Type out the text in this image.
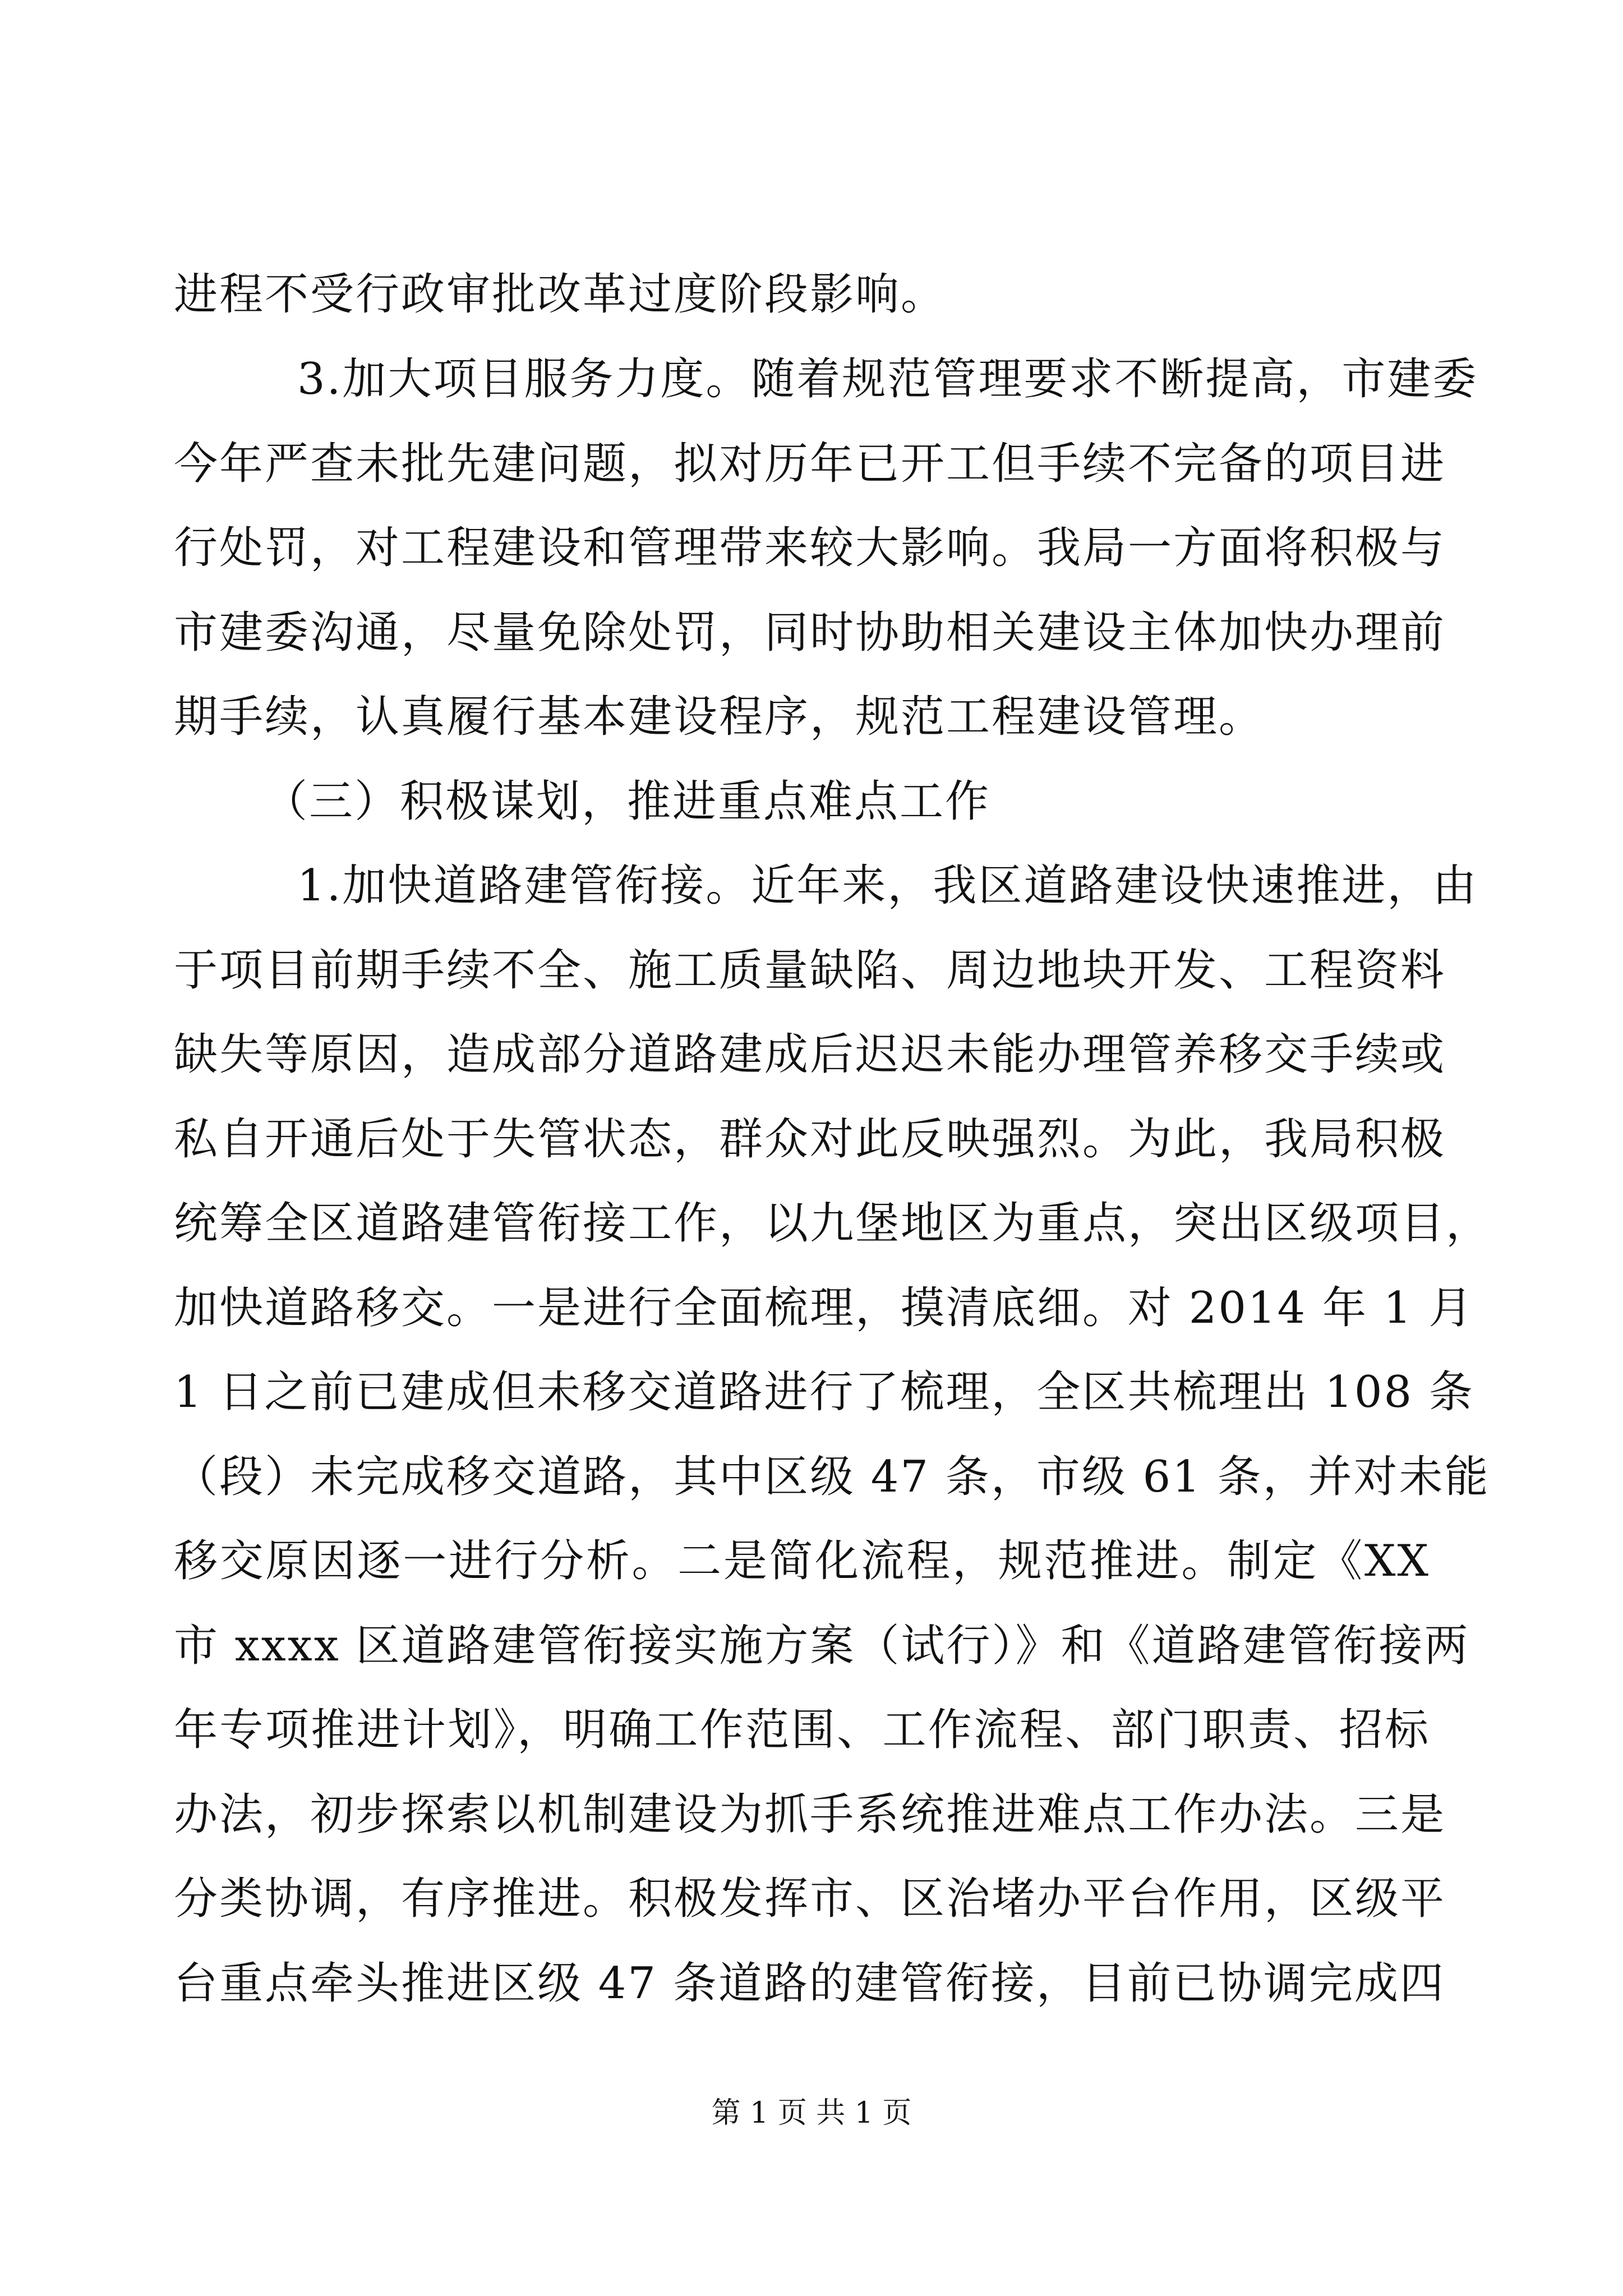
进程不受行政审批改革过度阶段影响。
3.加大项目服务力度。随着规范管理要求不断提高，市建委
今年严查未批先建问题，拟对历年已开工但手续不完备的项目进
行处罚，对工程建设和管理带来较大影响。我局一方面将积极与
市建委沟通，尽量免除处罚，同时协助相关建设主体加快办理前
期手续，认真履行基本建设程序，规范工程建设管理。
（三）积极谋划，推进重点难点工作
1.加快道路建管衔接。近年来，我区道路建设快速推进，由
于项目前期手续不全、施工质量缺陷、周边地块开发、工程资料
缺失等原因，造成部分道路建成后迟迟未能办理管养移交手续或
私自开通后处于失管状态，群众对此反映强烈。为此，我局积极
统筹全区道路建管衔接工作，以九堡地区为重点，突出区级项目，
加快道路移交。一是进行全面梳理，摸清底细。对 2014 年 1 月
1 日之前已建成但未移交道路进行了梳理，全区共梳理出 108 条
（段）未完成移交道路，其中区级 47 条，市级 61 条，并对未能
移交原因逐一进行分析。二是简化流程，规范推进。制定《XX
市 xxxx 区道路建管衔接实施方案（试行）》和《道路建管衔接两
年专项推进计划》，明确工作范围、工作流程、部门职责、招标
办法，初步探索以机制建设为抓手系统推进难点工作办法。三是
分类协调，有序推进。积极发挥市、区治堵办平台作用，区级平
台重点牵头推进区级 47 条道路的建管衔接，目前已协调完成四
第 1 页 共 1 页
